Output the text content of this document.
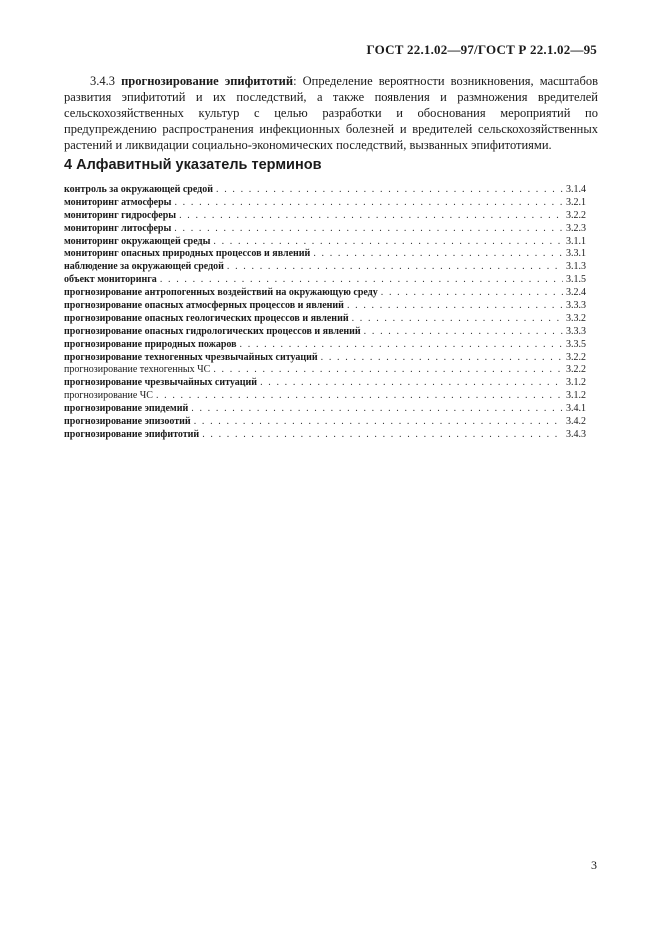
ГОСТ 22.1.02—97/ГОСТ Р 22.1.02—95
3.4.3 прогнозирование эпифитотий: Определение вероятности возникновения, масштабов развития эпифитотий и их последствий, а также появления и размножения вредителей сельскохозяйственных культур с целью разработки и обоснования мероприятий по предупреждению распространения инфекционных болезней и вредителей сельскохозяйственных растений и ликвидации социально-экономических последствий, вызванных эпифитотиями.
4 Алфавитный указатель терминов
контроль за окружающей средой . . .	3.1.4
мониторинг атмосферы . . .	3.2.1
мониторинг гидросферы . . .	3.2.2
мониторинг литосферы . . .	3.2.3
мониторинг окружающей среды . . .	3.1.1
мониторинг опасных природных процессов и явлений . . .	3.3.1
наблюдение за окружающей средой . . .	3.1.3
объект мониторинга . . .	3.1.5
прогнозирование антропогенных воздействий на окружающую среду . . .	3.2.4
прогнозирование опасных атмосферных процессов и явлений . . .	3.3.3
прогнозирование опасных геологических процессов и явлений . . .	3.3.2
прогнозирование опасных гидрологических процессов и явлений . . .	3.3.3
прогнозирование природных пожаров . . .	3.3.5
прогнозирование техногенных чрезвычайных ситуаций . . .	3.2.2
прогнозирование техногенных ЧС . . .	3.2.2
прогнозирование чрезвычайных ситуаций . . .	3.1.2
прогнозирование ЧС . . .	3.1.2
прогнозирование эпидемий . . .	3.4.1
прогнозирование эпизоотий . . .	3.4.2
прогнозирование эпифитотий . . .	3.4.3
3
